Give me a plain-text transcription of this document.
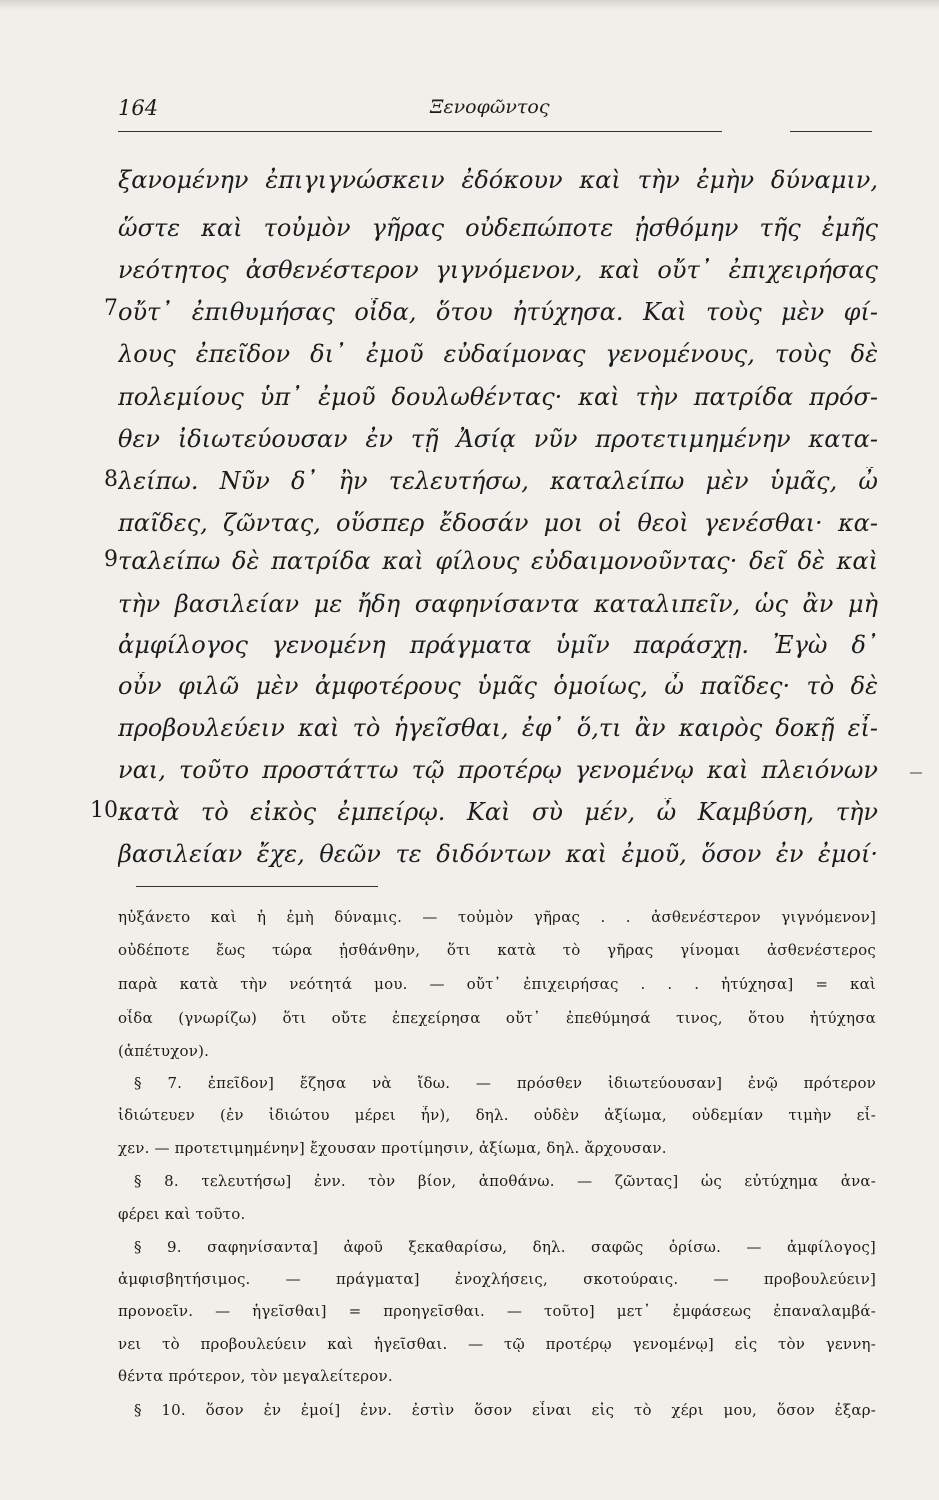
164	Ξενοφῶντος
ξανομένην ἐπιγιγνώσκειν ἐδόκουν καὶ τὴν ἐμὴν δύναμιν,
ὥστε καὶ τοὐμὸν γῆρας οὐδεπώποτε ᾐσθόμην τῆς ἐμῆς
νεότητος ἀσθενέστερον γιγνόμενον, καὶ οὔτ᾿ ἐπιχειρήσας
7 οὔτ᾿ ἐπιθυμήσας οἶδα, ὅτου ἠτύχησα. Καὶ τοὺς μὲν φί-
λους ἐπεῖδον δι᾿ ἐμοῦ εὐδαίμονας γενομένους, τοὺς δὲ
πολεμίους ὑπ᾿ ἐμοῦ δουλωθέντας· καὶ τὴν πατρίδα πρόσ-
θεν ἰδιωτεύουσαν ἐν τῇ Ἀσίᾳ νῦν προτετιμημένην κατα-
8 λείπω. Νῦν δ᾿ ἢν τελευτήσω, καταλείπω μὲν ὑμᾶς, ὦ
παῖδες, ζῶντας, οὕσπερ ἔδοσάν μοι οἱ θεοὶ γενέσθαι· κα-
9 ταλείπω δὲ πατρίδα καὶ φίλους εὐδαιμονοῦντας· δεῖ δὲ καὶ
τὴν βασιλείαν με ἤδη σαφηνίσαντα καταλιπεῖν, ὡς ἂν μὴ
ἀμφίλογος γενομένη πράγματα ὑμῖν παράσχῃ. Ἐγὼ δ᾿
οὖν φιλῶ μὲν ἀμφοτέρους ὑμᾶς ὁμοίως, ὦ παῖδες· τὸ δὲ
προβουλεύειν καὶ τὸ ἡγεῖσθαι, ἐφ᾿ ὅ,τι ἂν καιρὸς δοκῇ εἶ-
ναι, τοῦτο προστάττω τῷ προτέρῳ γενομένῳ καὶ πλειόνων
10 κατὰ τὸ εἰκὸς ἐμπείρῳ. Καὶ σὺ μέν, ὦ Καμβύση, τὴν
βασιλείαν ἔχε, θεῶν τε διδόντων καὶ ἐμοῦ, ὅσον ἐν ἐμοί·
ηὐξάνετο καὶ ἡ ἐμὴ δύναμις. — τοὐμὸν γῆρας . . ἀσθενέστερον γιγνόμενον]
οὐδέποτε ἔως τώρα ᾐσθάνθην, ὅτι κατὰ τὸ γῆρας γίνομαι ἀσθενέστερος
παρὰ κατὰ τὴν νεότητά μου. — οὔτ᾿ ἐπιχειρήσας . . . ἠτύχησα] = καὶ
οἶδα (γνωρίζω) ὅτι οὔτε ἐπεχείρησα οὔτ᾿ ἐπεθύμησά τινος, ὅτου ἠτύχησα
(ἀπέτυχον).
§ 7. ἐπεῖδον] ἔζησα νὰ ἴδω. — πρόσθεν ἰδιωτεύουσαν] ἐνῷ πρότερον
ἰδιώτευεν (ἐν ἰδιώτου μέρει ἦν), δηλ. οὐδὲν ἀξίωμα, οὐδεμίαν τιμὴν εἶ-
χεν. — προτετιμημένην] ἔχουσαν προτίμησιν, ἀξίωμα, δηλ. ἄρχουσαν.
§ 8. τελευτήσω] ἐνν. τὸν βίον, ἀποθάνω. — ζῶντας] ὡς εὐτύχημα ἀνα-
φέρει καὶ τοῦτο.
§ 9. σαφηνίσαντα] ἀφοῦ ξεκαθαρίσω, δηλ. σαφῶς ὁρίσω. — ἀμφίλογος]
ἀμφισβητήσιμος. — πράγματα] ἐνοχλήσεις, σκοτούραις. — προβουλεύειν]
προνοεῖν. — ἡγεῖσθαι] = προηγεῖσθαι. — τοῦτο] μετ᾿ ἐμφάσεως ἐπαναλαμβά-
νει τὸ προβουλεύειν καὶ ἡγεῖσθαι. — τῷ προτέρῳ γενομένῳ] εἰς τὸν γεννη-
θέντα πρότερον, τὸν μεγαλείτερον.
§ 10. ὅσον ἐν ἐμοί] ἐνν. ἐστὶν ὅσον εἶναι εἰς τὸ χέρι μου, ὅσον ἐξαρ-
